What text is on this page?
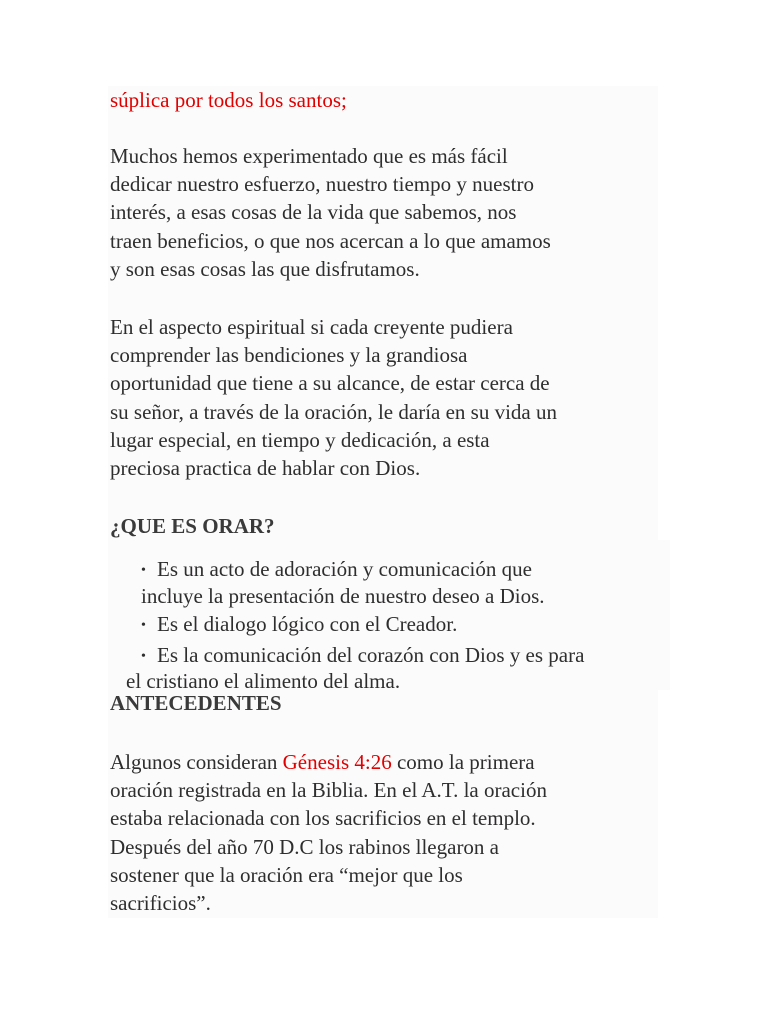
súplica por todos los santos;
Muchos hemos experimentado que es más fácil
dedicar nuestro esfuerzo, nuestro tiempo y nuestro
interés, a esas cosas de la vida que sabemos, nos
traen beneficios, o que nos acercan a lo que amamos
y son esas cosas las que disfrutamos.
En el aspecto espiritual si cada creyente pudiera
comprender las bendiciones y la grandiosa
oportunidad que tiene a su alcance, de estar cerca de
su señor, a través de la oración, le daría en su vida un
lugar especial, en tiempo y dedicación, a esta
preciosa practica de hablar con Dios.
¿QUE ES ORAR?
• Es un acto de adoración y comunicación que
incluye la presentación de nuestro deseo a Dios.
• Es el dialogo lógico con el Creador.
• Es la comunicación del corazón con Dios y es para
el cristiano el alimento del alma.
ANTECEDENTES
Algunos consideran Génesis 4:26 como la primera
oración registrada en la Biblia. En el A.T. la oración
estaba relacionada con los sacrificios en el templo.
Después del año 70 D.C los rabinos llegaron a
sostener que la oración era “mejor que los
sacrificios”.
